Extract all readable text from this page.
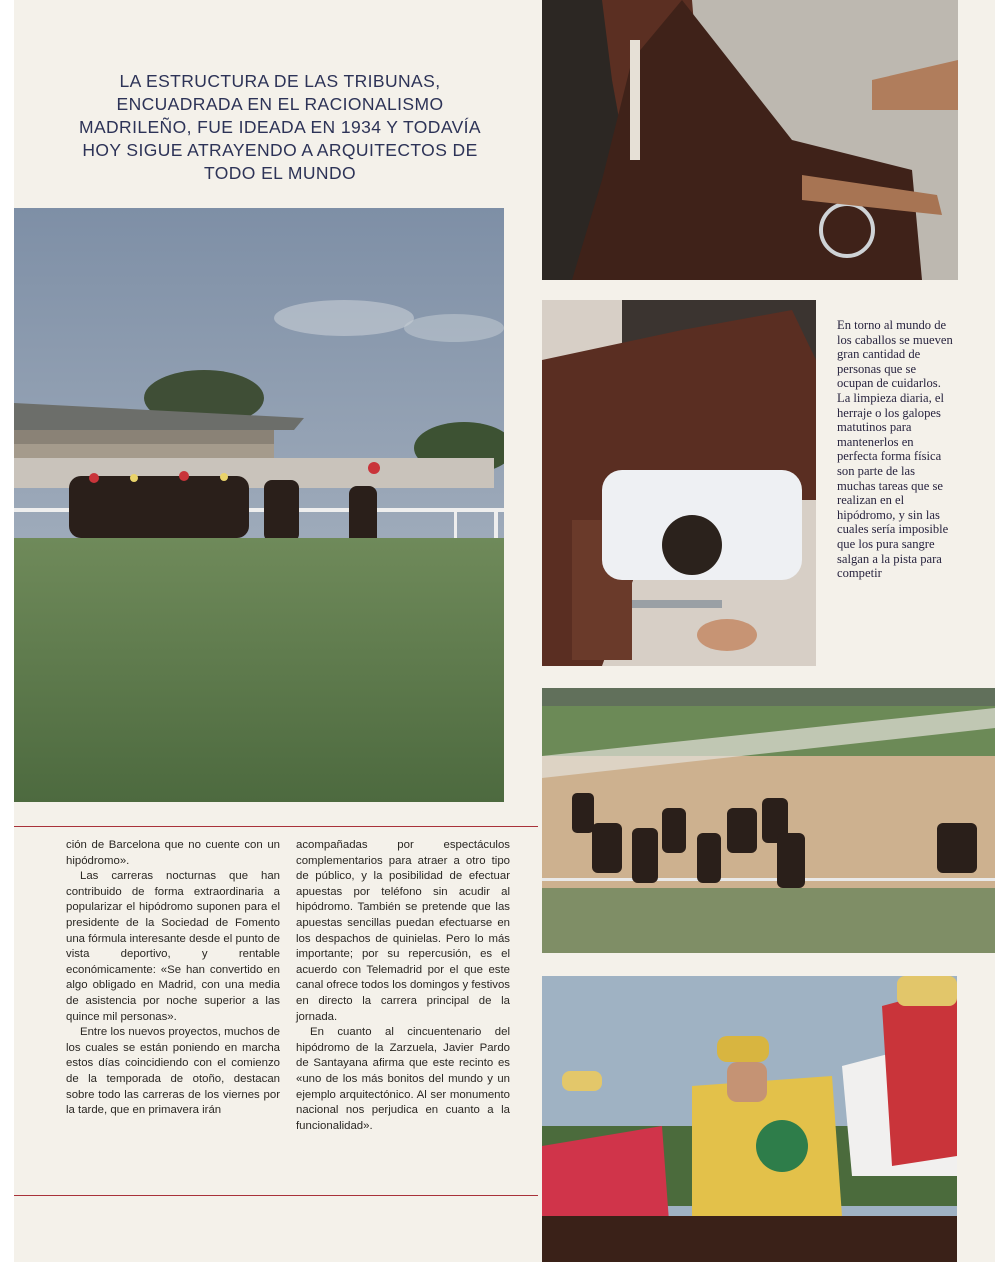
LA ESTRUCTURA DE LAS TRIBUNAS, ENCUADRADA EN EL RACIONALISMO MADRILEÑO, FUE IDEADA EN 1934 Y TODAVÍA HOY SIGUE ATRAYENDO A ARQUITECTOS DE TODO EL MUNDO
En torno al mundo de los caballos se mueven gran cantidad de personas que se ocupan de cuidarlos. La limpieza diaria, el herraje o los galopes matutinos para mantenerlos en perfecta forma física son parte de las muchas tareas que se realizan en el hipódromo, y sin las cuales sería imposible que los pura sangre salgan a la pista para competir

ción de Barcelona que no cuente con un hipódromo».

Las carreras nocturnas que han contribuido de forma extraordinaria a popularizar el hipódromo suponen para el presidente de la Sociedad de Fomento una fórmula interesante desde el punto de vista deportivo, y rentable económicamente: «Se han convertido en algo obligado en Madrid, con una media de asistencia por noche superior a las quince mil personas».

Entre los nuevos proyectos, muchos de los cuales se están poniendo en marcha estos días coincidiendo con el comienzo de la temporada de otoño, destacan sobre todo las carreras de los viernes por la tarde, que en primavera irán

acompañadas por espectáculos complementarios para atraer a otro tipo de público, y la posibilidad de efectuar apuestas por teléfono sin acudir al hipódromo. También se pretende que las apuestas sencillas puedan efectuarse en los despachos de quinielas. Pero lo más importante; por su repercusión, es el acuerdo con Telemadrid por el que este canal ofrece todos los domingos y festivos en directo la carrera principal de la jornada.

En cuanto al cincuentenario del hipódromo de la Zarzuela, Javier Pardo de Santayana afirma que este recinto es «uno de los más bonitos del mundo y un ejemplo arquitectónico. Al ser monumento nacional nos perjudica en cuanto a la funcionalidad».
